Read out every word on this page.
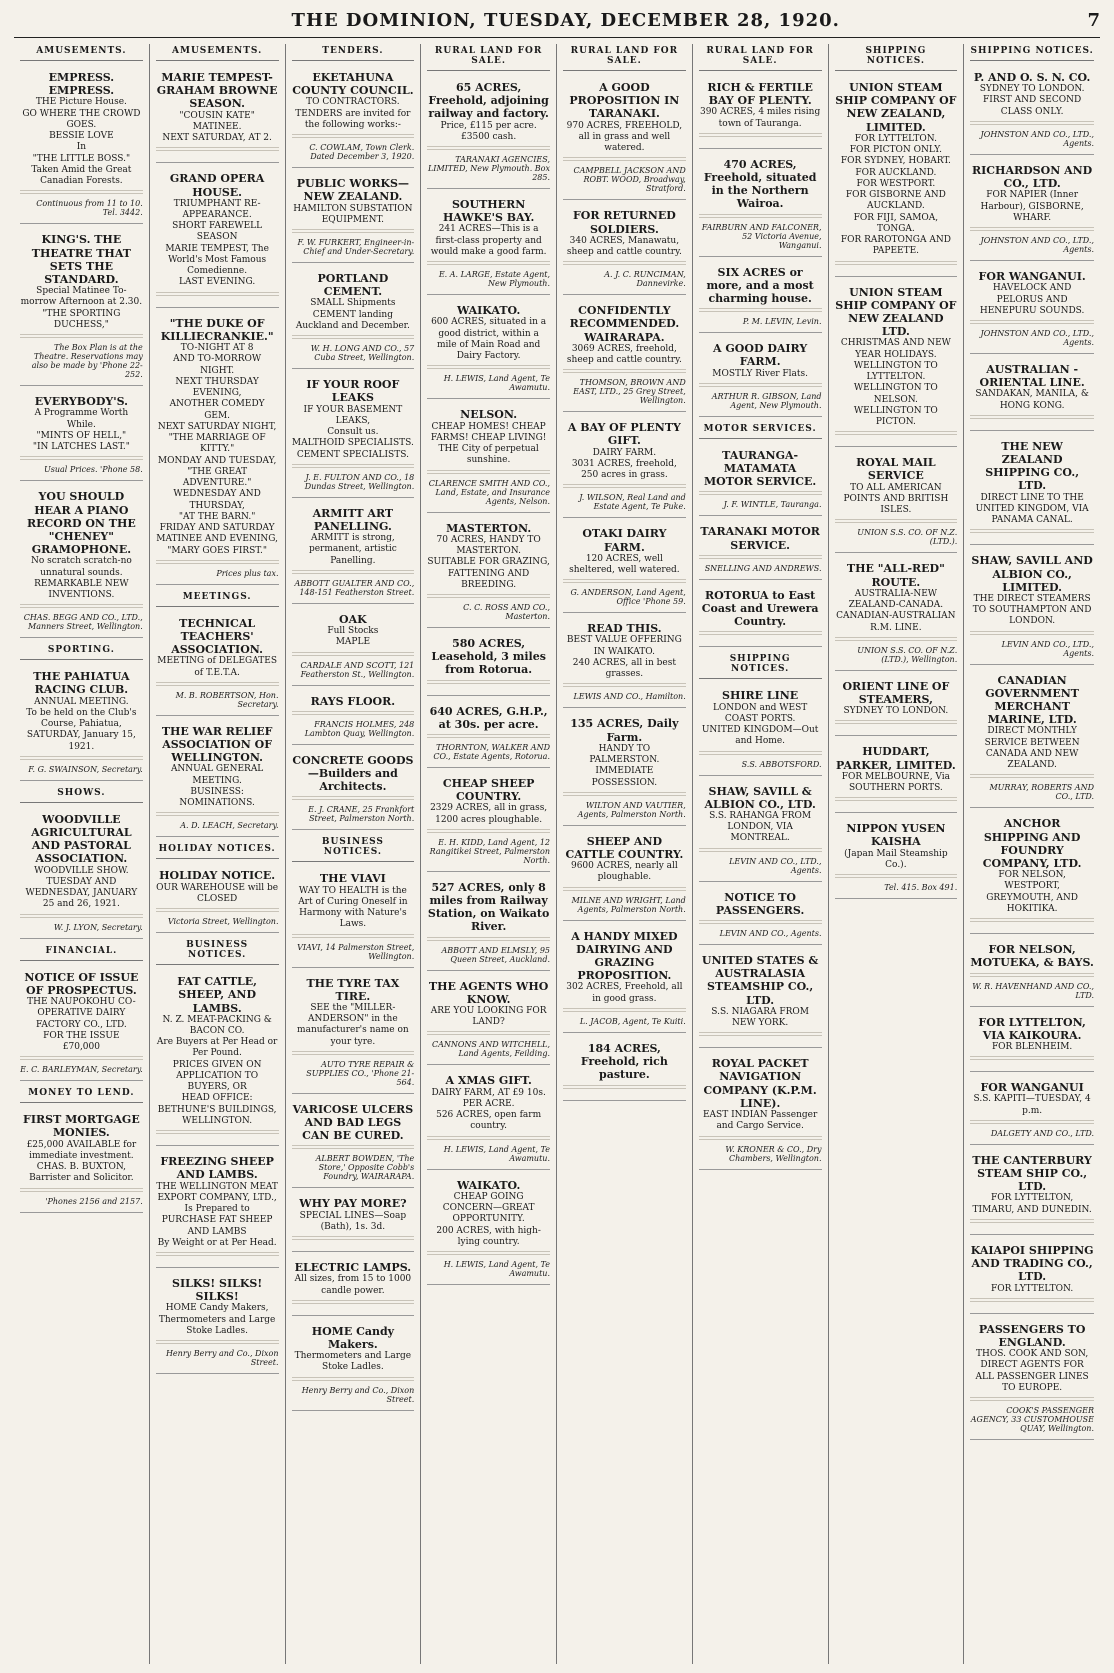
THE DOMINION, TUESDAY, DECEMBER 28, 1920.	7
AMUSEMENTS.
EMPRESS. EMPRESS.
THE Picture House.
GO WHERE THE CROWD GOES.
BESSIE LOVE
In
"THE LITTLE BOSS."
Taken Amid the Great Canadian Forests.
Continuous from 11 to 10. Tel. 3442.
KING'S. THE THEATRE THAT SETS THE STANDARD.
Special Matinee To-morrow Afternoon at 2.30.
"THE SPORTING DUCHESS,"
The Box Plan is at the Theatre. Reservations may also be made by 'Phone 22-252.
EVERYBODY'S.
A Programme Worth While.
"MINTS OF HELL,"
"IN LATCHES LAST."
Usual Prices. 'Phone 58.
YOU SHOULD HEAR A PIANO RECORD ON THE "CHENEY" GRAMOPHONE.
No scratch scratch-no unnatural sounds.
REMARKABLE NEW INVENTIONS.
CHAS. BEGG AND CO., LTD., Manners Street, Wellington.
SPORTING.
THE PAHIATUA RACING CLUB.
ANNUAL MEETING.
To be held on the Club's Course, Pahiatua, SATURDAY, January 15, 1921.
F. G. SWAINSON, Secretary.
SHOWS.
WOODVILLE AGRICULTURAL AND PASTORAL ASSOCIATION.
WOODVILLE SHOW.
TUESDAY AND WEDNESDAY, JANUARY 25 and 26, 1921.
W. J. LYON, Secretary.
FINANCIAL.
NOTICE OF ISSUE OF PROSPECTUS.
THE NAUPOKOHU CO-OPERATIVE DAIRY FACTORY CO., LTD.
FOR THE ISSUE
£70,000
E. C. BARLEYMAN, Secretary.
MONEY TO LEND.
FIRST MORTGAGE MONIES.
£25,000 AVAILABLE for immediate investment.
CHAS. B. BUXTON,
Barrister and Solicitor.
'Phones 2156 and 2157.
AMUSEMENTS.
MARIE TEMPEST-GRAHAM BROWNE SEASON.
"COUSIN KATE" MATINEE.
NEXT SATURDAY, AT 2.
GRAND OPERA HOUSE.
TRIUMPHANT RE-APPEARANCE.
SHORT FAREWELL SEASON
MARIE TEMPEST, The World's Most Famous Comedienne.
LAST EVENING.
"THE DUKE OF KILLIECRANKIE."
TO-NIGHT AT 8
AND TO-MORROW NIGHT.
NEXT THURSDAY EVENING,
ANOTHER COMEDY GEM.
NEXT SATURDAY NIGHT,
"THE MARRIAGE OF KITTY."
MONDAY AND TUESDAY,
"THE GREAT ADVENTURE."
WEDNESDAY AND THURSDAY,
"AT THE BARN."
FRIDAY AND SATURDAY MATINEE AND EVENING,
"MARY GOES FIRST."
Prices plus tax.
MEETINGS.
TECHNICAL TEACHERS' ASSOCIATION.
MEETING of DELEGATES of T.E.T.A.
M. B. ROBERTSON, Hon. Secretary.
THE WAR RELIEF ASSOCIATION OF WELLINGTON.
ANNUAL GENERAL MEETING.
BUSINESS:
NOMINATIONS.
A. D. LEACH, Secretary.
HOLIDAY NOTICES.
HOLIDAY NOTICE.
OUR WAREHOUSE will be CLOSED
Victoria Street, Wellington.
BUSINESS NOTICES.
FAT CATTLE, SHEEP, AND LAMBS.
N. Z. MEAT-PACKING & BACON CO.
Are Buyers at Per Head or Per Pound.
PRICES GIVEN ON APPLICATION TO BUYERS, OR
HEAD OFFICE:
BETHUNE'S BUILDINGS, WELLINGTON.
FREEZING SHEEP AND LAMBS.
THE WELLINGTON MEAT EXPORT COMPANY, LTD.,
Is Prepared to
PURCHASE FAT SHEEP AND LAMBS
By Weight or at Per Head.
SILKS! SILKS! SILKS!
HOME Candy Makers, Thermometers and Large Stoke Ladles.
Henry Berry and Co., Dixon Street.
TENDERS.
EKETAHUNA COUNTY COUNCIL.
TO CONTRACTORS.
TENDERS are invited for the following works:-
C. COWLAM, Town Clerk. Dated December 3, 1920.
PUBLIC WORKS—NEW ZEALAND.
HAMILTON SUBSTATION EQUIPMENT.
F. W. FURKERT, Engineer-in-Chief and Under-Secretary.
PORTLAND CEMENT.
SMALL Shipments CEMENT landing Auckland and December.
W. H. LONG AND CO., 57 Cuba Street, Wellington.
IF YOUR ROOF LEAKS
IF YOUR BASEMENT LEAKS,
Consult us.
MALTHOID SPECIALISTS.
CEMENT SPECIALISTS.
J. E. FULTON AND CO., 18 Dundas Street, Wellington.
ARMITT ART PANELLING.
ARMITT is strong, permanent, artistic Panelling.
ABBOTT GUALTER AND CO., 148-151 Featherston Street.
OAK
Full Stocks
MAPLE
CARDALE AND SCOTT, 121 Featherston St., Wellington.
RAYS FLOOR.
FRANCIS HOLMES, 248 Lambton Quay, Wellington.
CONCRETE GOODS—Builders and Architects.
E. J. CRANE, 25 Frankfort Street, Palmerston North.
BUSINESS NOTICES.
THE VIAVI
WAY TO HEALTH is the Art of Curing Oneself in Harmony with Nature's Laws.
VIAVI, 14 Palmerston Street, Wellington.
THE TYRE TAX TIRE.
SEE the "MILLER-ANDERSON" in the manufacturer's name on your tyre.
AUTO TYRE REPAIR & SUPPLIES CO., 'Phone 21-564.
VARICOSE ULCERS AND BAD LEGS CAN BE CURED.
ALBERT BOWDEN, 'The Store,' Opposite Cobb's Foundry, WAIRARAPA.
WHY PAY MORE?
SPECIAL LINES—Soap (Bath), 1s. 3d.
ELECTRIC LAMPS.
All sizes, from 15 to 1000 candle power.
HOME Candy Makers.
Thermometers and Large Stoke Ladles.
Henry Berry and Co., Dixon Street.
RURAL LAND FOR SALE.
65 ACRES, Freehold, adjoining railway and factory.
Price, £115 per acre. £3500 cash.
TARANAKI AGENCIES, LIMITED, New Plymouth. Box 285.
SOUTHERN HAWKE'S BAY.
241 ACRES—This is a first-class property and would make a good farm.
E. A. LARGE, Estate Agent, New Plymouth.
WAIKATO.
600 ACRES, situated in a good district, within a mile of Main Road and Dairy Factory.
H. LEWIS, Land Agent, Te Awamutu.
NELSON.
CHEAP HOMES! CHEAP FARMS! CHEAP LIVING!
THE City of perpetual sunshine.
CLARENCE SMITH AND CO., Land, Estate, and Insurance Agents, Nelson.
MASTERTON.
70 ACRES, HANDY TO MASTERTON.
SUITABLE FOR GRAZING, FATTENING AND BREEDING.
C. C. ROSS AND CO., Masterton.
580 ACRES, Leasehold, 3 miles from Rotorua.
640 ACRES, G.H.P., at 30s. per acre.
THORNTON, WALKER AND CO., Estate Agents, Rotorua.
CHEAP SHEEP COUNTRY.
2329 ACRES, all in grass, 1200 acres ploughable.
E. H. KIDD, Land Agent, 12 Rangitikei Street, Palmerston North.
527 ACRES, only 8 miles from Railway Station, on Waikato River.
ABBOTT AND ELMSLY, 95 Queen Street, Auckland.
THE AGENTS WHO KNOW.
ARE YOU LOOKING FOR LAND?
CANNONS AND WITCHELL, Land Agents, Feilding.
A XMAS GIFT.
DAIRY FARM, AT £9 10s. PER ACRE.
526 ACRES, open farm country.
H. LEWIS, Land Agent, Te Awamutu.
WAIKATO.
CHEAP GOING CONCERN—GREAT OPPORTUNITY.
200 ACRES, with high-lying country.
H. LEWIS, Land Agent, Te Awamutu.
RURAL LAND FOR SALE.
A GOOD PROPOSITION IN TARANAKI.
970 ACRES, FREEHOLD, all in grass and well watered.
CAMPBELL JACKSON AND ROBT. WOOD, Broadway, Stratford.
FOR RETURNED SOLDIERS.
340 ACRES, Manawatu, sheep and cattle country.
A. J. C. RUNCIMAN, Dannevirke.
CONFIDENTLY RECOMMENDED. WAIRARAPA.
3069 ACRES, freehold, sheep and cattle country.
THOMSON, BROWN AND EAST, LTD., 25 Grey Street, Wellington.
A BAY OF PLENTY GIFT.
DAIRY FARM.
3031 ACRES, freehold, 250 acres in grass.
J. WILSON, Real Land and Estate Agent, Te Puke.
OTAKI DAIRY FARM.
120 ACRES, well sheltered, well watered.
G. ANDERSON, Land Agent, Office 'Phone 59.
READ THIS.
BEST VALUE OFFERING IN WAIKATO.
240 ACRES, all in best grasses.
LEWIS AND CO., Hamilton.
135 ACRES, Daily Farm.
HANDY TO PALMERSTON. IMMEDIATE POSSESSION.
WILTON AND VAUTIER, Agents, Palmerston North.
SHEEP AND CATTLE COUNTRY.
9600 ACRES, nearly all ploughable.
MILNE AND WRIGHT, Land Agents, Palmerston North.
A HANDY MIXED DAIRYING AND GRAZING PROPOSITION.
302 ACRES, Freehold, all in good grass.
L. JACOB, Agent, Te Kuiti.
184 ACRES, Freehold, rich pasture.
RURAL LAND FOR SALE.
RICH & FERTILE BAY OF PLENTY.
390 ACRES, 4 miles rising town of Tauranga.
470 ACRES, Freehold, situated in the Northern Wairoa.
FAIRBURN AND FALCONER, 52 Victoria Avenue, Wanganui.
SIX ACRES or more, and a most charming house.
P. M. LEVIN, Levin.
A GOOD DAIRY FARM.
MOSTLY River Flats.
ARTHUR R. GIBSON, Land Agent, New Plymouth.
MOTOR SERVICES.
TAURANGA-MATAMATA MOTOR SERVICE.
J. F. WINTLE, Tauranga.
TARANAKI MOTOR SERVICE.
SNELLING AND ANDREWS.
ROTORUA to East Coast and Urewera Country.
SHIPPING NOTICES.
SHIRE LINE
LONDON and WEST COAST PORTS.
UNITED KINGDOM—Out and Home.
S.S. ABBOTSFORD.
SHAW, SAVILL & ALBION CO., LTD.
S.S. RAHANGA FROM LONDON, VIA MONTREAL.
LEVIN AND CO., LTD., Agents.
NOTICE TO PASSENGERS.
LEVIN AND CO., Agents.
UNITED STATES & AUSTRALASIA STEAMSHIP CO., LTD.
S.S. NIAGARA FROM NEW YORK.
ROYAL PACKET NAVIGATION COMPANY (K.P.M. LINE).
EAST INDIAN Passenger and Cargo Service.
W. KRONER & CO., Dry Chambers, Wellington.
SHIPPING NOTICES.
UNION STEAM SHIP COMPANY OF NEW ZEALAND, LIMITED.
FOR LYTTELTON.
FOR PICTON ONLY.
FOR SYDNEY, HOBART.
FOR AUCKLAND.
FOR WESTPORT.
FOR GISBORNE AND AUCKLAND.
FOR FIJI, SAMOA, TONGA.
FOR RAROTONGA AND PAPEETE.
UNION STEAM SHIP COMPANY OF NEW ZEALAND LTD.
CHRISTMAS AND NEW YEAR HOLIDAYS.
WELLINGTON TO LYTTELTON.
WELLINGTON TO NELSON.
WELLINGTON TO PICTON.
ROYAL MAIL SERVICE
TO ALL AMERICAN POINTS AND BRITISH ISLES.
UNION S.S. CO. OF N.Z. (LTD.).
THE "ALL-RED" ROUTE.
AUSTRALIA-NEW ZEALAND-CANADA.
CANADIAN-AUSTRALIAN R.M. LINE.
UNION S.S. CO. OF N.Z. (LTD.), Wellington.
ORIENT LINE OF STEAMERS,
SYDNEY TO LONDON.
HUDDART, PARKER, LIMITED.
FOR MELBOURNE, Via SOUTHERN PORTS.
NIPPON YUSEN KAISHA
(Japan Mail Steamship Co.).
Tel. 415. Box 491.
SHIPPING NOTICES.
P. AND O. S. N. CO.
SYDNEY TO LONDON.
FIRST AND SECOND CLASS ONLY.
JOHNSTON AND CO., LTD., Agents.
RICHARDSON AND CO., LTD.
FOR NAPIER (Inner Harbour), GISBORNE, WHARF.
JOHNSTON AND CO., LTD., Agents.
FOR WANGANUI.
HAVELOCK AND PELORUS AND HENEPURU SOUNDS.
JOHNSTON AND CO., LTD., Agents.
AUSTRALIAN - ORIENTAL LINE.
SANDAKAN, MANILA, & HONG KONG.
THE NEW ZEALAND SHIPPING CO., LTD.
DIRECT LINE TO THE UNITED KINGDOM, VIA PANAMA CANAL.
SHAW, SAVILL AND ALBION CO., LIMITED.
THE DIRECT STEAMERS TO SOUTHAMPTON AND LONDON.
LEVIN AND CO., LTD., Agents.
CANADIAN GOVERNMENT MERCHANT MARINE, LTD.
DIRECT MONTHLY SERVICE BETWEEN CANADA AND NEW ZEALAND.
MURRAY, ROBERTS AND CO., LTD.
ANCHOR SHIPPING AND FOUNDRY COMPANY, LTD.
FOR NELSON, WESTPORT, GREYMOUTH, AND HOKITIKA.
FOR NELSON, MOTUEKA, & BAYS.
W. R. HAVENHAND AND CO., LTD.
FOR LYTTELTON, VIA KAIKOURA.
FOR BLENHEIM.
FOR WANGANUI
S.S. KAPITI—TUESDAY, 4 p.m.
DALGETY AND CO., LTD.
THE CANTERBURY STEAM SHIP CO., LTD.
FOR LYTTELTON, TIMARU, AND DUNEDIN.
KAIAPOI SHIPPING AND TRADING CO., LTD.
FOR LYTTELTON.
PASSENGERS TO ENGLAND.
THOS. COOK AND SON,
DIRECT AGENTS FOR ALL PASSENGER LINES TO EUROPE.
COOK'S PASSENGER AGENCY, 33 CUSTOMHOUSE QUAY, Wellington.
